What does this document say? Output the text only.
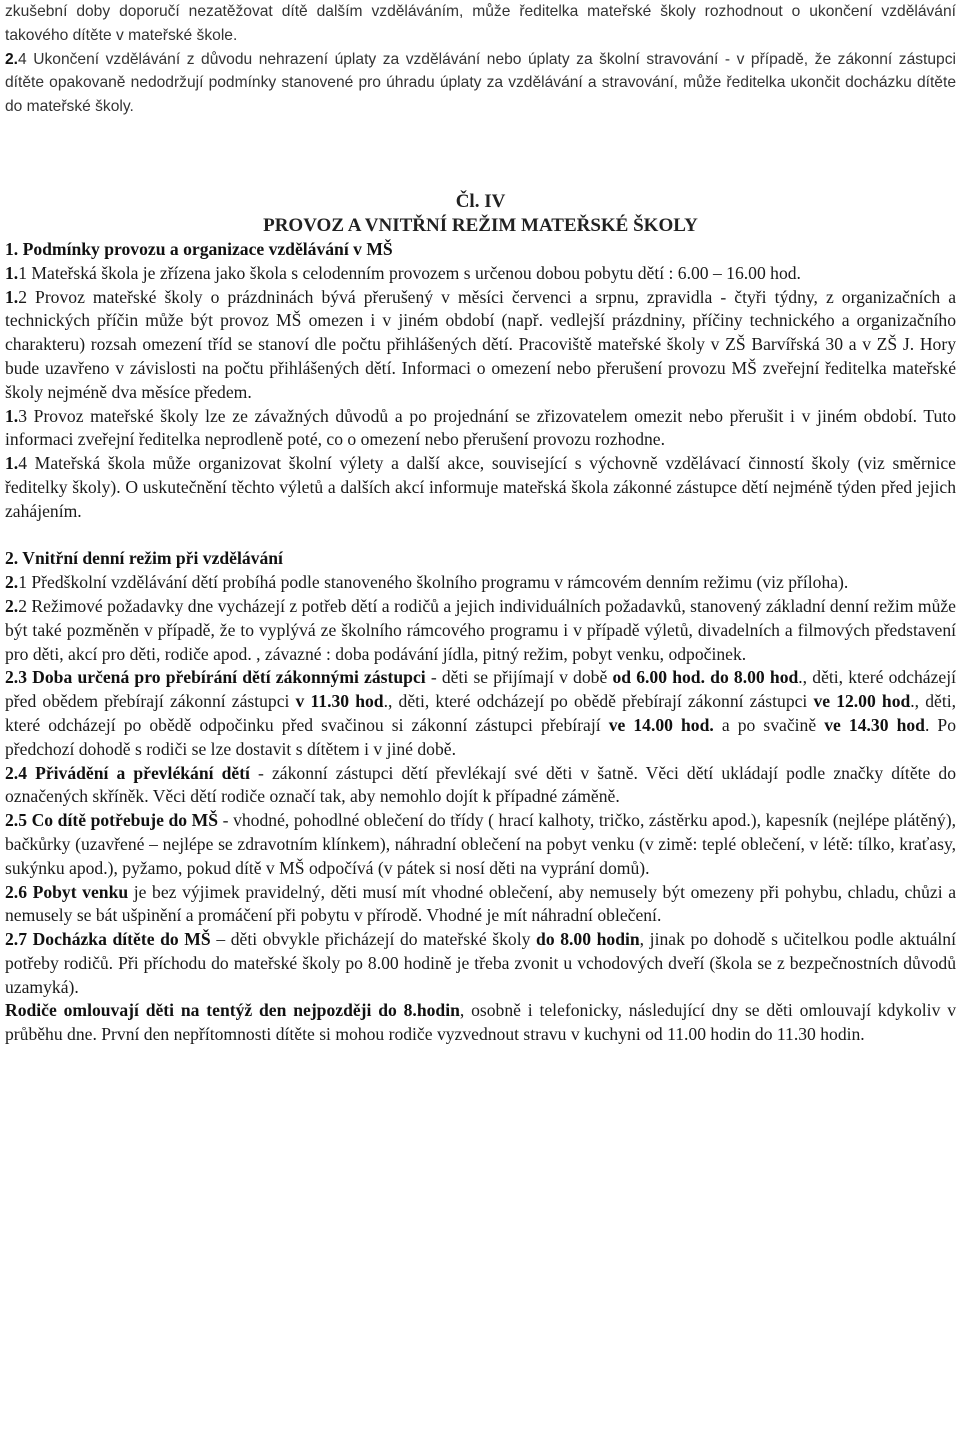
zkušební doby doporučí nezatěžovat dítě dalším vzděláváním, může ředitelka mateřské školy rozhodnout o ukončení vzdělávání takového dítěte v mateřské škole.

2.4 Ukončení vzdělávání z důvodu nehrazení úplaty za vzdělávání nebo úplaty za školní stravování - v případě, že zákonní zástupci dítěte opakovaně nedodržují podmínky stanovené pro úhradu úplaty za vzdělávání a stravování, může ředitelka ukončit docházku dítěte do mateřské školy.

Čl. IV

PROVOZ A VNITŘNÍ REŽIM MATEŘSKÉ ŠKOLY

1. Podmínky provozu a organizace vzdělávání v MŠ

1.1 Mateřská škola je zřízena jako škola s celodenním provozem s určenou dobou pobytu dětí : 6.00 – 16.00 hod.

1.2 Provoz mateřské školy o prázdninách bývá přerušený v měsíci červenci a srpnu, zpravidla - čtyři týdny, z organizačních a technických příčin může být provoz MŠ omezen i v jiném období (např. vedlejší prázdniny, příčiny technického a organizačního charakteru) rozsah omezení tříd se stanoví dle počtu přihlášených dětí. Pracoviště mateřské školy v ZŠ Barvířská 30 a v ZŠ J. Hory bude uzavřeno v závislosti na počtu přihlášených dětí. Informaci o omezení nebo přerušení provozu MŠ zveřejní ředitelka mateřské školy nejméně dva měsíce předem.

1.3 Provoz mateřské školy lze ze závažných důvodů a po projednání se zřizovatelem omezit nebo přerušit i v jiném období. Tuto informaci zveřejní ředitelka neprodleně poté, co o omezení nebo přerušení provozu rozhodne.

1.4 Mateřská škola může organizovat školní výlety a další akce, související s výchovně vzdělávací činností školy (viz směrnice ředitelky školy). O uskutečnění těchto výletů a dalších akcí informuje mateřská škola zákonné zástupce dětí nejméně týden před jejich zahájením.

2. Vnitřní denní režim při vzdělávání

2.1 Předškolní vzdělávání dětí probíhá podle stanoveného školního programu v rámcovém denním režimu (viz příloha).

2.2 Režimové požadavky dne vycházejí z potřeb dětí a rodičů a jejich individuálních požadavků, stanovený základní denní režim může být také pozměněn v případě, že to vyplývá ze školního rámcového programu i v případě výletů, divadelních a filmových představení pro děti, akcí pro děti, rodiče apod. , závazné : doba podávání jídla, pitný režim, pobyt venku, odpočinek.

2.3 Doba určená pro přebírání dětí zákonnými zástupci - děti se přijímají v době od 6.00 hod. do 8.00 hod., děti, které odcházejí před obědem přebírají zákonní zástupci v 11.30 hod., děti, které odcházejí po obědě přebírají zákonní zástupci ve 12.00 hod., děti, které odcházejí po obědě odpočinku před svačinou si zákonní zástupci přebírají ve 14.00 hod. a po svačině ve 14.30 hod. Po předchozí dohodě s rodiči se lze dostavit s dítětem i v jiné době.

2.4 Přivádění a převlékání dětí - zákonní zástupci dětí převlékají své děti v šatně. Věci dětí ukládají podle značky dítěte do označených skříněk. Věci dětí rodiče označí tak, aby nemohlo dojít k případné záměně.

2.5 Co dítě potřebuje do MŠ - vhodné, pohodlné oblečení do třídy ( hrací kalhoty, tričko, zástěrku apod.), kapesník (nejlépe plátěný), bačkůrky (uzavřené – nejlépe se zdravotním klínkem), náhradní oblečení na pobyt venku (v zimě: teplé oblečení, v létě: tílko, kraťasy, sukýnku apod.), pyžamo, pokud dítě v MŠ odpočívá (v pátek si nosí děti na vyprání domů).

2.6 Pobyt venku je bez výjimek pravidelný, děti musí mít vhodné oblečení, aby nemusely být omezeny při pohybu, chladu, chůzi a nemusely se bát ušpinění a promáčení při pobytu v přírodě. Vhodné je mít náhradní oblečení.

2.7 Docházka dítěte do MŠ – děti obvykle přicházejí do mateřské školy do 8.00 hodin, jinak po dohodě s učitelkou podle aktuální potřeby rodičů. Při příchodu do mateřské školy po 8.00 hodině je třeba zvonit u vchodových dveří (škola se z bezpečnostních důvodů uzamyká).

Rodiče omlouvají děti na tentýž den nejpozději do 8.hodin, osobně i telefonicky, následující dny se děti omlouvají kdykoliv v průběhu dne. První den nepřítomnosti dítěte si mohou rodiče vyzvednout stravu v kuchyni od 11.00 hodin do 11.30 hodin.
